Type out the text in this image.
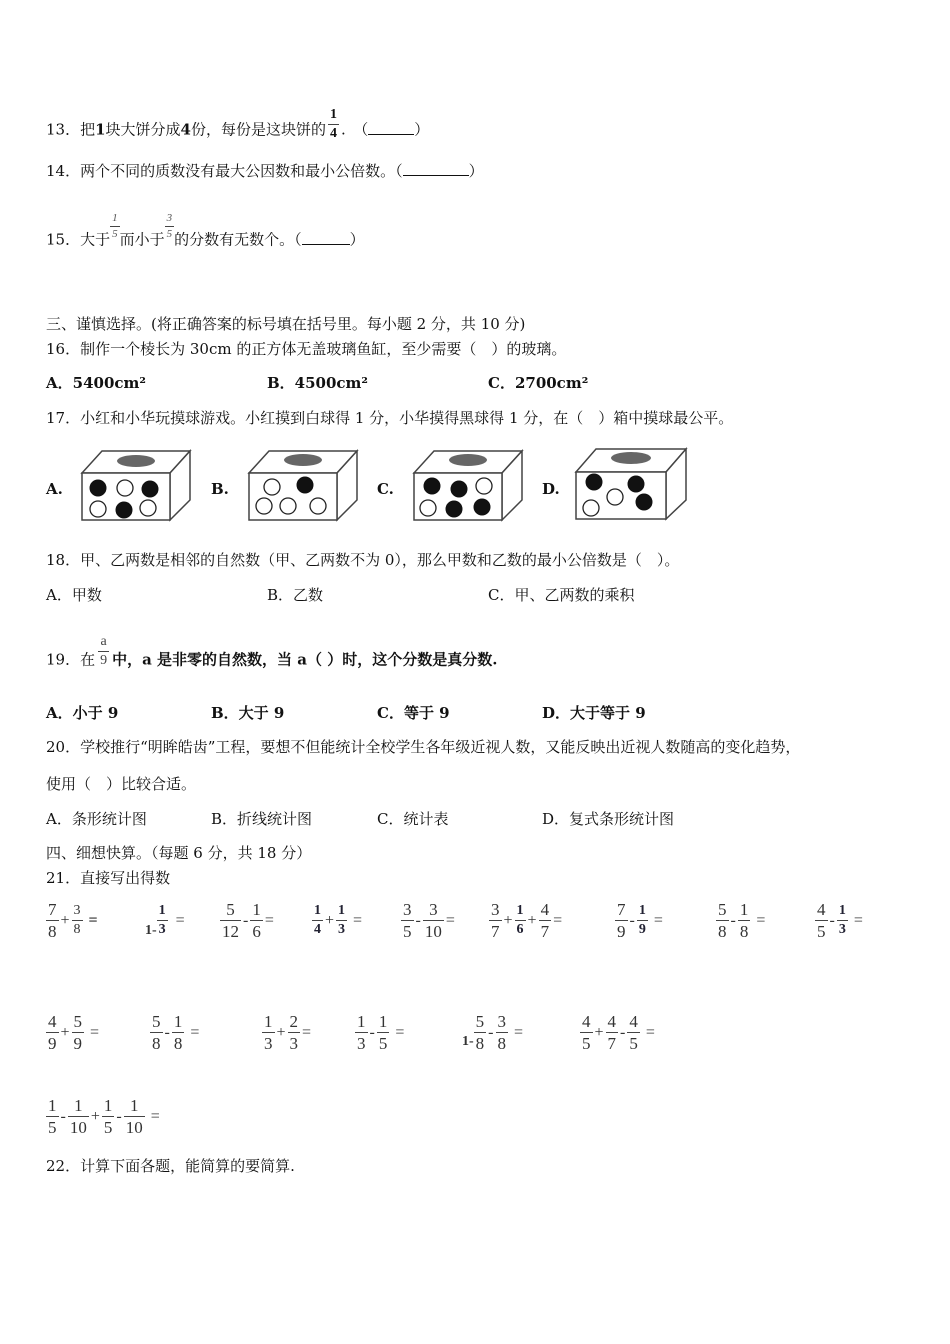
13．把1块大饼分成4份，每份是这块饼的 $\frac{1}{4}$ .　（	）
14．两个不同的质数没有最大公因数和最小公倍数。（	）
15．大于 $\frac{1}{5}$ 而小于 $\frac{3}{5}$ 的分数有无数个。（	）
三、谨慎选择。(将正确答案的标号填在括号里。每小题 2 分，共 10 分)
16．制作一个棱长为 30cm 的正方体无盖玻璃鱼缸，至少需要（　）的玻璃。
A．5400cm²	B．4500cm²	C．2700cm²
17．小红和小华玩摸球游戏。小红摸到白球得 1 分，小华摸得黑球得 1 分，在（　）箱中摸球最公平。
A.	B.	C.	D.
18．甲、乙两数是相邻的自然数（甲、乙两数不为 0），那么甲数和乙数的最小公倍数是（　）。
A．甲数	B．乙数	C．甲、乙两数的乘积
19．在 $\frac{a}{9}$ 中，a 是非零的自然数，当 a（ ）时，这个分数是真分数.
A．小于 9	B．大于 9	C．等于 9	D．大于等于 9
20．学校推行“明眸皓齿”工程，要想不但能统计全校学生各年级近视人数，又能反映出近视人数随高的变化趋势，
使用（　）比较合适。
A．条形统计图	B．折线统计图	C．统计表	D．复式条形统计图
四、细想快算。（每题 6 分，共 18 分）
21．直接写出得数
$\frac{7}{8} + \frac{3}{8}$ =
$1- \frac{1}{3} = \frac{5}{12} - \frac{1}{6}$ =	$\frac{1}{4} + \frac{1}{3} = \frac{3}{5} - \frac{3}{10} = \frac{3}{7} + \frac{1}{6} + \frac{4}{7}$ =	$\frac{7}{9} - \frac{1}{9}$ =	$\frac{5}{8} - \frac{1}{8}$ =	$\frac{4}{5} - \frac{1}{3}$ =
$\frac{4}{9} + \frac{5}{9}$ =	$\frac{5}{8} - \frac{1}{8}$ =	$\frac{1}{3} + \frac{2}{3}$ =	$\frac{1}{3} - \frac{1}{5}$ =
$1- \frac{5}{8} - \frac{3}{8}$ =	$\frac{4}{5} + \frac{4}{7} - \frac{4}{5}$ =
$\frac{1}{5} - \frac{1}{10} + \frac{1}{5} - \frac{1}{10}$ =
22．计算下面各题，能简算的要简算.
